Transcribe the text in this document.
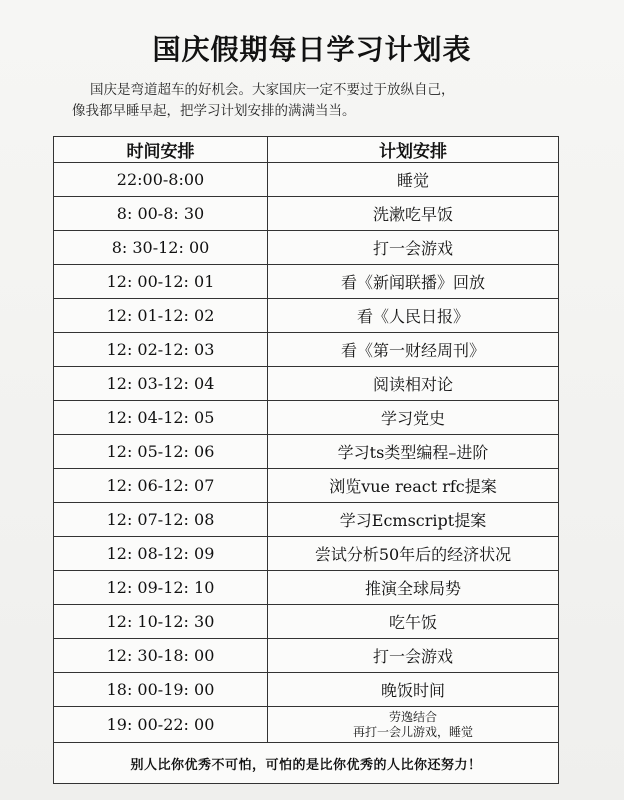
国庆假期每日学习计划表
国庆是弯道超车的好机会。大家国庆一定不要过于放纵自己，
像我都早睡早起，把学习计划安排的满满当当。
时间安排	计划安排
22:00-8:00	睡觉
8: 00-8: 30	洗漱吃早饭
8: 30-12: 00	打一会游戏
12: 00-12: 01	看《新闻联播》回放
12: 01-12: 02	看《人民日报》
12: 02-12: 03	看《第一财经周刊》
12: 03-12: 04	阅读相对论
12: 04-12: 05	学习党史
12: 05-12: 06	学习ts类型编程–进阶
12: 06-12: 07	浏览vue react rfc提案
12: 07-12: 08	学习Ecmscript提案
12: 08-12: 09	尝试分析50年后的经济状况
12: 09-12: 10	推演全球局势
12: 10-12: 30	吃午饭
12: 30-18: 00	打一会游戏
18: 00-19: 00	晚饭时间
19: 00-22: 00	劳逸结合
再打一会儿游戏，睡觉

别人比你优秀不可怕，可怕的是比你优秀的人比你还努力！	
